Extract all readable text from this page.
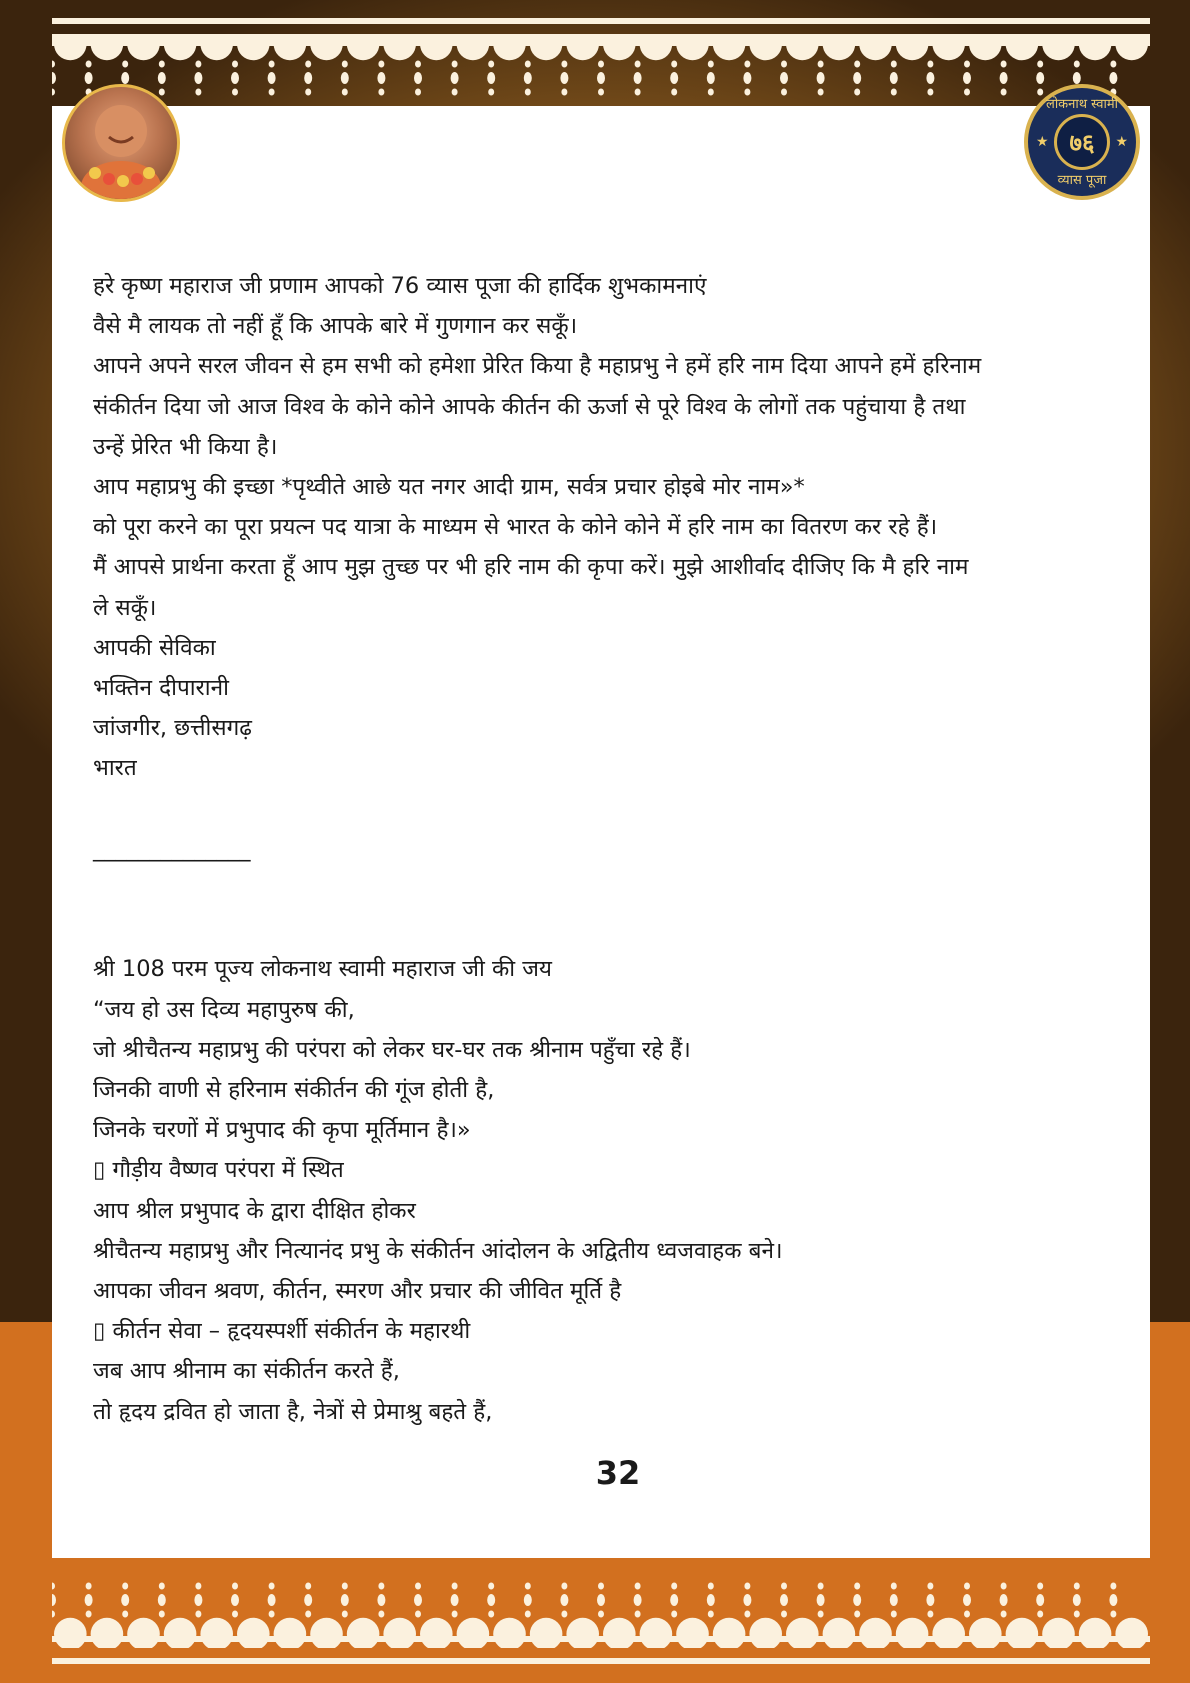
लोकनाथ स्वामी
★ ७६	★
व्यास पूजा

हरे कृष्ण महाराज जी प्रणाम आपको 76 व्यास पूजा की हार्दिक शुभकामनाएं

वैसे मै लायक तो नहीं हूँ कि आपके बारे में गुणगान कर सकूँ।

आपने अपने सरल जीवन से हम सभी को हमेशा प्रेरित किया है महाप्रभु ने हमें हरि नाम दिया आपने हमें हरिनाम

संकीर्तन दिया जो आज विश्व के कोने कोने आपके कीर्तन की ऊर्जा से पूरे विश्व के लोगों तक पहुंचाया है तथा

उन्हें प्रेरित भी किया है।

आप महाप्रभु की इच्छा *पृथ्वीते आछे यत नगर आदी ग्राम, सर्वत्र प्रचार होइबे मोर नाम»*

को पूरा करने का पूरा प्रयत्न पद यात्रा के माध्यम से भारत के कोने कोने में हरि नाम का वितरण कर रहे हैं।

मैं आपसे प्रार्थना करता हूँ आप मुझ तुच्छ पर भी हरि नाम की कृपा करें। मुझे आशीर्वाद दीजिए कि मै हरि नाम

ले सकूँ।

आपकी सेविका

भक्तिन दीपारानी

जांजगीर, छत्तीसगढ़

भारत

______________

श्री 108 परम पूज्य लोकनाथ स्वामी महाराज जी की जय

“जय हो उस दिव्य महापुरुष की,

जो श्रीचैतन्य महाप्रभु की परंपरा को लेकर घर-घर तक श्रीनाम पहुँचा रहे हैं।

जिनकी वाणी से हरिनाम संकीर्तन की गूंज होती है,

जिनके चरणों में प्रभुपाद की कृपा मूर्तिमान है।»

▯ गौड़ीय वैष्णव परंपरा में स्थित

आप श्रील प्रभुपाद के द्वारा दीक्षित होकर

श्रीचैतन्य महाप्रभु और नित्यानंद प्रभु के संकीर्तन आंदोलन के अद्वितीय ध्वजवाहक बने।

आपका जीवन श्रवण, कीर्तन, स्मरण और प्रचार की जीवित मूर्ति है

▯ कीर्तन सेवा – हृदयस्पर्शी संकीर्तन के महारथी

जब आप श्रीनाम का संकीर्तन करते हैं,

तो हृदय द्रवित हो जाता है, नेत्रों से प्रेमाश्रु बहते हैं,

32
